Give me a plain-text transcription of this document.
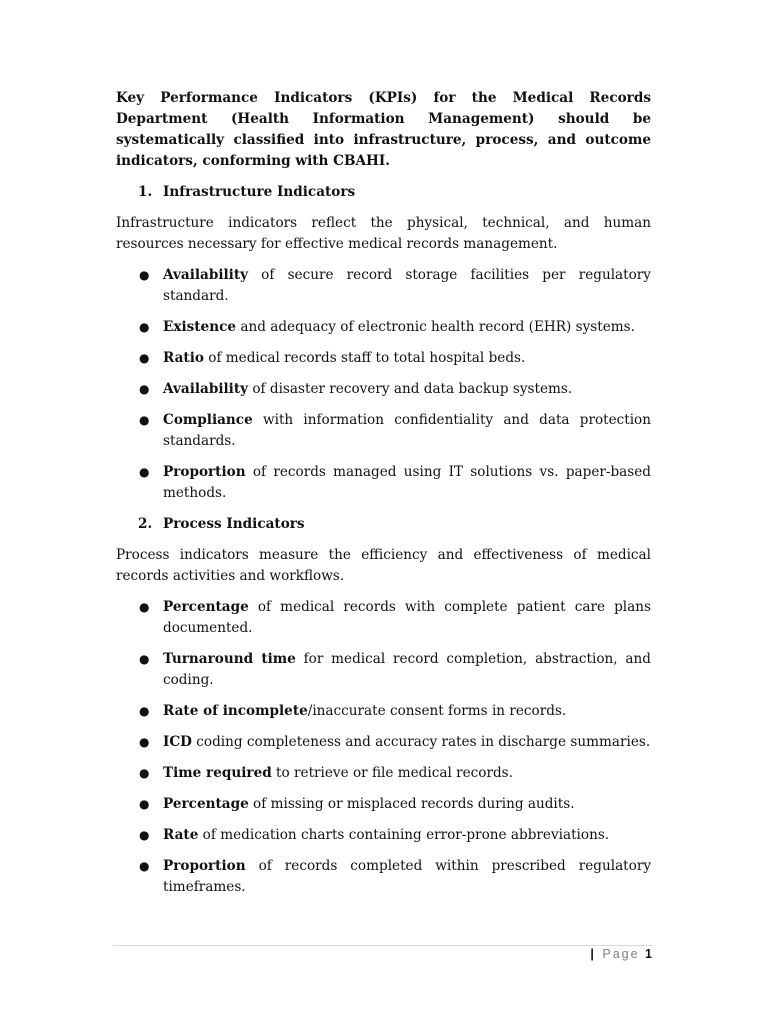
Key Performance Indicators (KPIs) for the Medical Records Department (Health Information Management) should be systematically classified into infrastructure, process, and outcome indicators, conforming with CBAHI.

1. Infrastructure Indicators

Infrastructure indicators reflect the physical, technical, and human resources necessary for effective medical records management.

● Availability of secure record storage facilities per regulatory standard.
● Existence and adequacy of electronic health record (EHR) systems.
● Ratio of medical records staff to total hospital beds.
● Availability of disaster recovery and data backup systems.
● Compliance with information confidentiality and data protection standards.
● Proportion of records managed using IT solutions vs. paper-based methods.
2. Process Indicators

Process indicators measure the efficiency and effectiveness of medical records activities and workflows.

● Percentage of medical records with complete patient care plans documented.
● Turnaround time for medical record completion, abstraction, and coding.
● Rate of incomplete/inaccurate consent forms in records.
● ICD coding completeness and accuracy rates in discharge summaries.
● Time required to retrieve or file medical records.
● Percentage of missing or misplaced records during audits.
● Rate of medication charts containing error-prone abbreviations.
● Proportion of records completed within prescribed regulatory timeframes.
| Page 1
